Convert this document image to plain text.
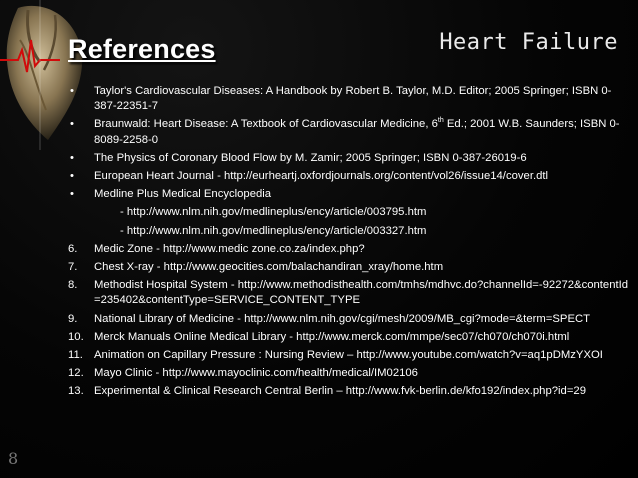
References	Heart Failure
•	Taylor's Cardiovascular Diseases: A Handbook by Robert B. Taylor, M.D. Editor; 2005 Springer; ISBN 0-387-22351-7
•	Braunwald: Heart Disease: A Textbook of Cardiovascular Medicine, 6th Ed.; 2001 W.B. Saunders; ISBN 0-8089-2258-0
•	The Physics of Coronary Blood Flow by M. Zamir; 2005 Springer; ISBN 0-387-26019-6
•	European Heart Journal - http://eurheartj.oxfordjournals.org/content/vol26/issue14/cover.dtl
•	Medline Plus Medical Encyclopedia
- http://www.nlm.nih.gov/medlineplus/ency/article/003795.htm
- http://www.nlm.nih.gov/medlineplus/ency/article/003327.htm
6.	Medic Zone - http://www.medic zone.co.za/index.php?
7.	Chest X-ray - http://www.geocities.com/balachandiran_xray/home.htm
8.	Methodist Hospital System - http://www.methodisthealth.com/tmhs/mdhvc.do?channelId=-92272&contentId=235402&contentType=SERVICE_CONTENT_TYPE
9.	National Library of Medicine - http://www.nlm.nih.gov/cgi/mesh/2009/MB_cgi?mode=&term=SPECT
10. Merck Manuals Online Medical Library - http://www.merck.com/mmpe/sec07/ch070/ch070i.html
11. Animation on Capillary Pressure : Nursing Review – http://www.youtube.com/watch?v=aq1pDMzYXOI
12. Mayo Clinic - http://www.mayoclinic.com/health/medical/IM02106
13. Experimental & Clinical Research Central Berlin – http://www.fvk-berlin.de/kfo192/index.php?id=29
8
